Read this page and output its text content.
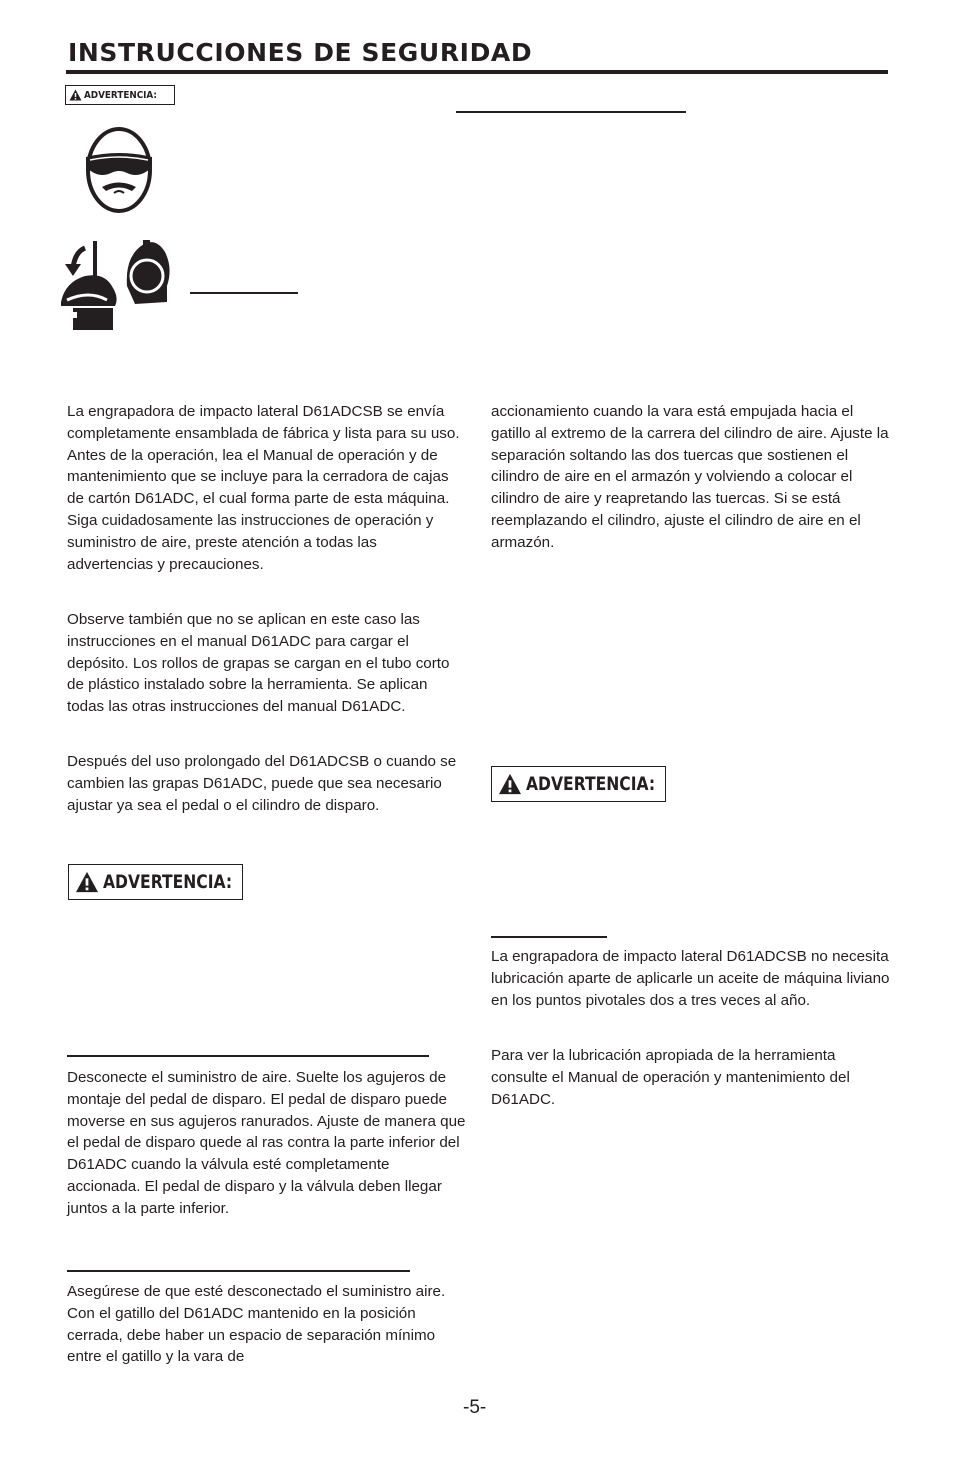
INSTRUCCIONES DE SEGURIDAD
ADVERTENCIA:

La engrapadora de impacto lateral D61ADCSB se envía completamente ensamblada de fábrica y lista para su uso. Antes de la operación, lea el Manual de operación y de mantenimiento que se incluye para la cerradora de cajas de cartón D61ADC, el cual forma parte de esta máquina. Siga cuidadosamente las instrucciones de operación y suministro de aire, preste atención a todas las advertencias y precauciones.

Observe también que no se aplican en este caso las instrucciones en el manual D61ADC para cargar el depósito. Los rollos de grapas se cargan en el tubo corto de plástico instalado sobre la herramienta. Se aplican todas las otras instrucciones del manual D61ADC.

Después del uso prolongado del D61ADCSB o cuando se cambien las grapas D61ADC, puede que sea necesario ajustar ya sea el pedal o el cilindro de disparo.

ADVERTENCIA:

Desconecte el suministro de aire. Suelte los agujeros de montaje del pedal de disparo. El pedal de disparo puede moverse en sus agujeros ranurados. Ajuste de manera que el pedal de disparo quede al ras contra la parte inferior del D61ADC cuando la válvula esté completamente accionada. El pedal de disparo y la válvula deben llegar juntos a la parte inferior.

Asegúrese de que esté desconectado el suministro aire. Con el gatillo del D61ADC mantenido en la posición cerrada, debe haber un espacio de separación mínimo entre el gatillo y la vara de

accionamiento cuando la vara está empujada hacia el gatillo al extremo de la carrera del cilindro de aire. Ajuste la separación soltando las dos tuercas que sostienen el cilindro de aire en el armazón y volviendo a colocar el cilindro de aire y reapretando las tuercas. Si se está reemplazando el cilindro, ajuste el cilindro de aire en el armazón.

ADVERTENCIA:

La engrapadora de impacto lateral D61ADCSB no necesita lubricación aparte de aplicarle un aceite de máquina liviano en los puntos pivotales dos a tres veces al año.

Para ver la lubricación apropiada de la herramienta consulte el Manual de operación y mantenimiento del D61ADC.

-5-
